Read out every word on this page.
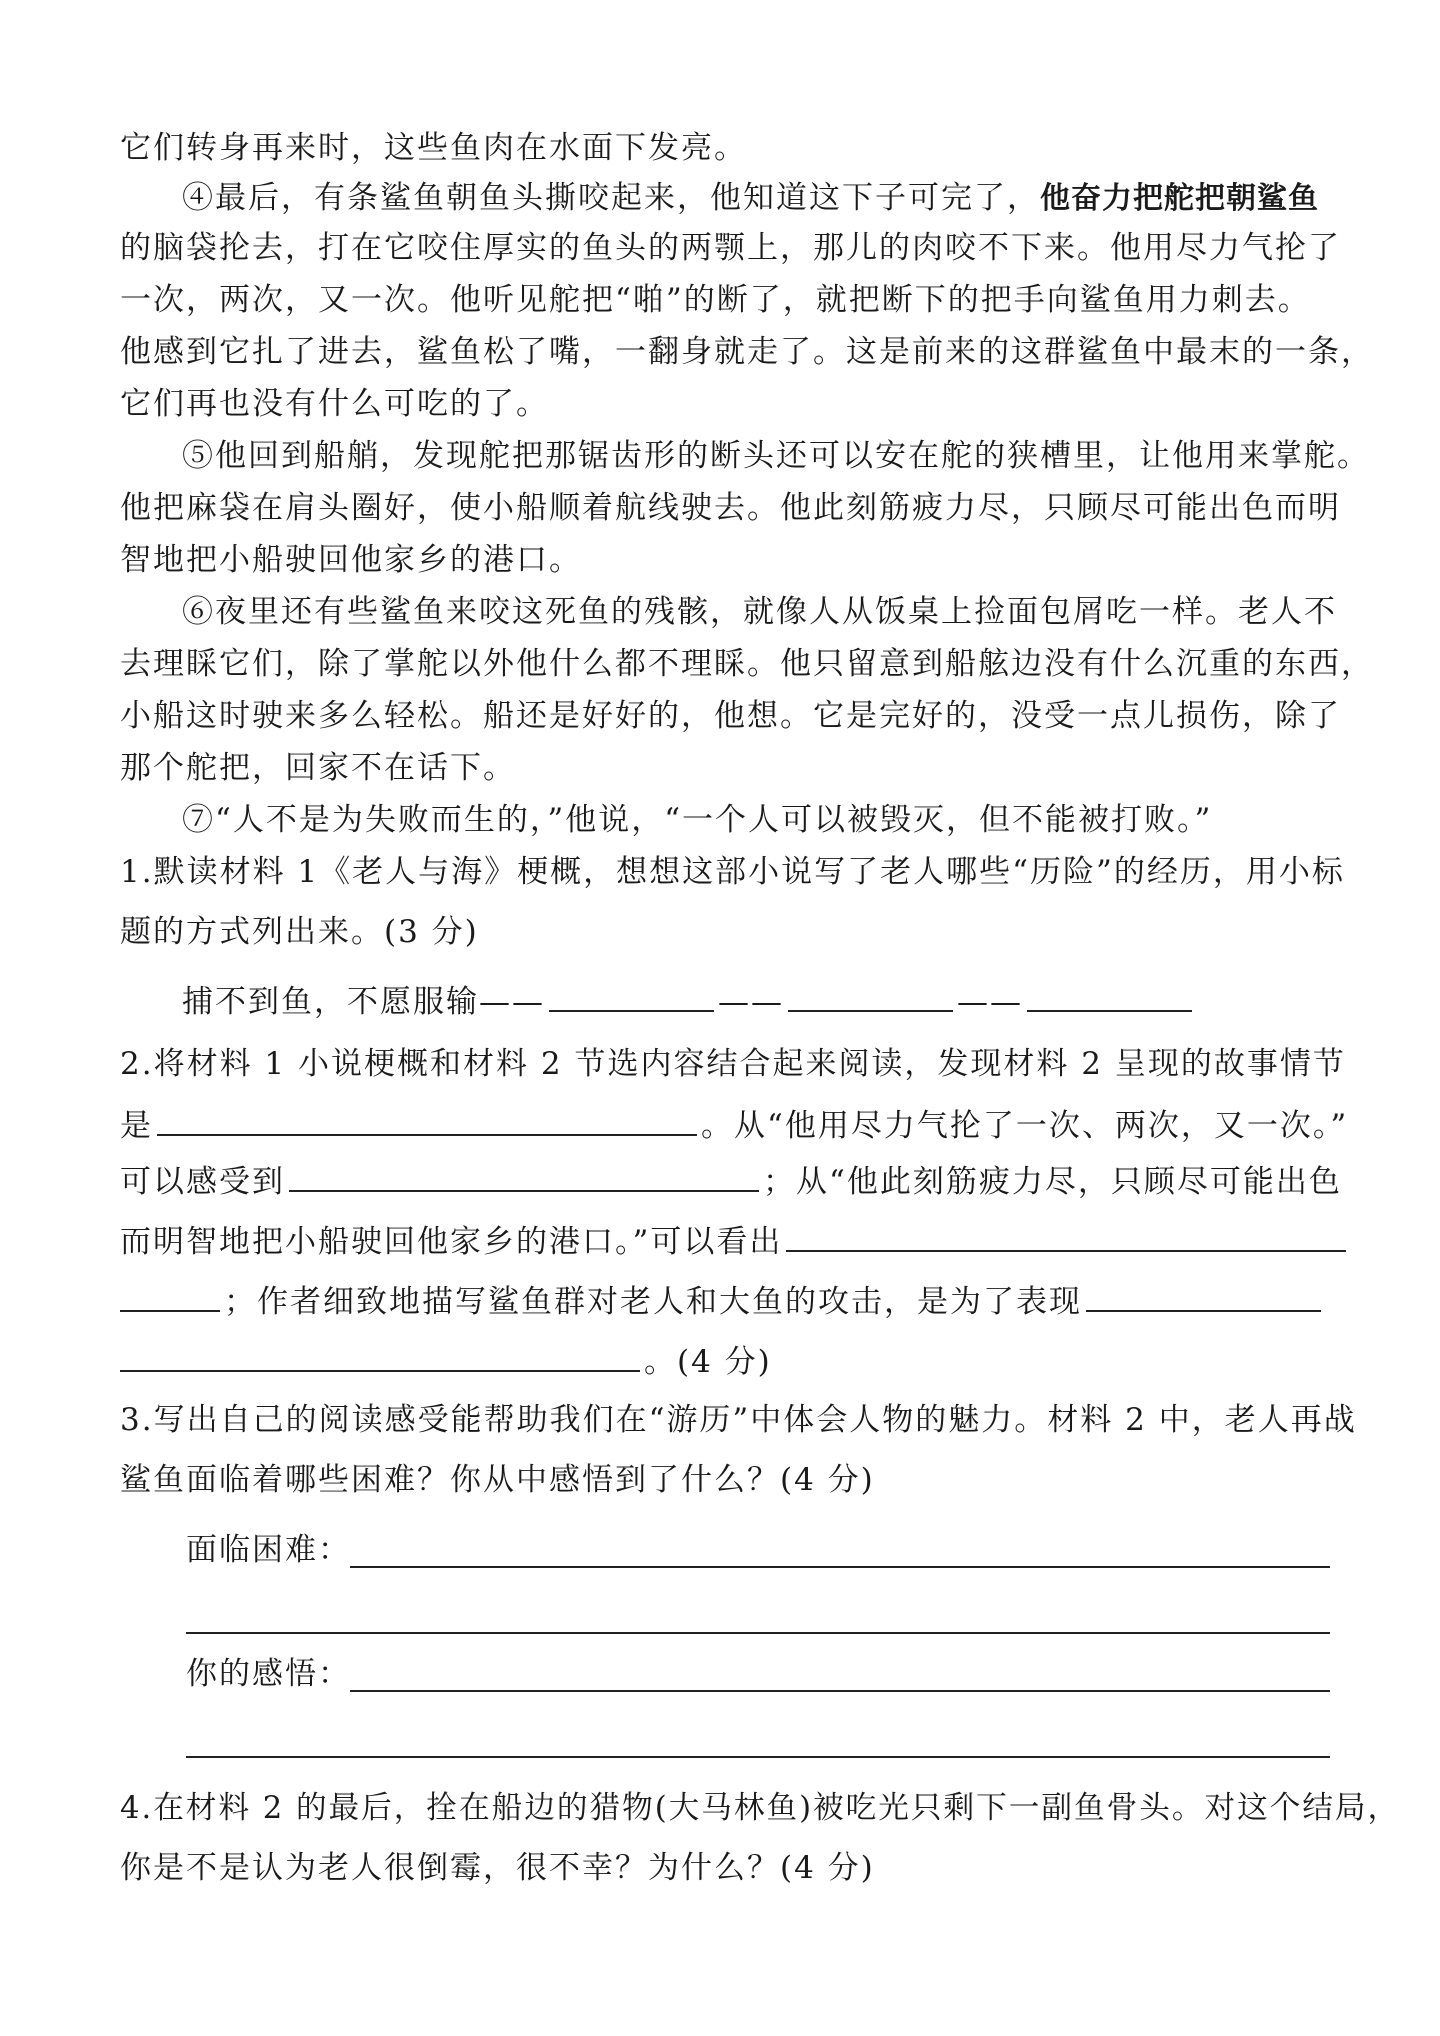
它们转身再来时，这些鱼肉在水面下发亮。
④最后，有条鲨鱼朝鱼头撕咬起来，他知道这下子可完了，他奋力把舵把朝鲨鱼
的脑袋抡去，打在它咬住厚实的鱼头的两颚上，那儿的肉咬不下来。他用尽力气抡了
一次，两次，又一次。他听见舵把“啪”的断了，就把断下的把手向鲨鱼用力刺去。
他感到它扎了进去，鲨鱼松了嘴，一翻身就走了。这是前来的这群鲨鱼中最末的一条，
它们再也没有什么可吃的了。
⑤他回到船艄，发现舵把那锯齿形的断头还可以安在舵的狭槽里，让他用来掌舵。
他把麻袋在肩头圈好，使小船顺着航线驶去。他此刻筋疲力尽，只顾尽可能出色而明
智地把小船驶回他家乡的港口。
⑥夜里还有些鲨鱼来咬这死鱼的残骸，就像人从饭桌上捡面包屑吃一样。老人不
去理睬它们，除了掌舵以外他什么都不理睬。他只留意到船舷边没有什么沉重的东西，
小船这时驶来多么轻松。船还是好好的，他想。它是完好的，没受一点儿损伤，除了
那个舵把，回家不在话下。
⑦“人不是为失败而生的，”他说，“一个人可以被毁灭，但不能被打败。”
1.默读材料 1《老人与海》梗概，想想这部小说写了老人哪些“历险”的经历，用小标
题的方式列出来。(3 分)
捕不到鱼，不愿服输——	——	——
2.将材料 1 小说梗概和材料 2 节选内容结合起来阅读，发现材料 2 呈现的故事情节
是	。从“他用尽力气抡了一次、两次，又一次。”
可以感受到	；从“他此刻筋疲力尽，只顾尽可能出色
而明智地把小船驶回他家乡的港口。”可以看出
；作者细致地描写鲨鱼群对老人和大鱼的攻击，是为了表现
。(4 分)
3.写出自己的阅读感受能帮助我们在“游历”中体会人物的魅力。材料 2 中，老人再战
鲨鱼面临着哪些困难？你从中感悟到了什么？(4 分)
面临困难：
你的感悟：
4.在材料 2 的最后，拴在船边的猎物(大马林鱼)被吃光只剩下一副鱼骨头。对这个结局，
你是不是认为老人很倒霉，很不幸？为什么？(4 分)
